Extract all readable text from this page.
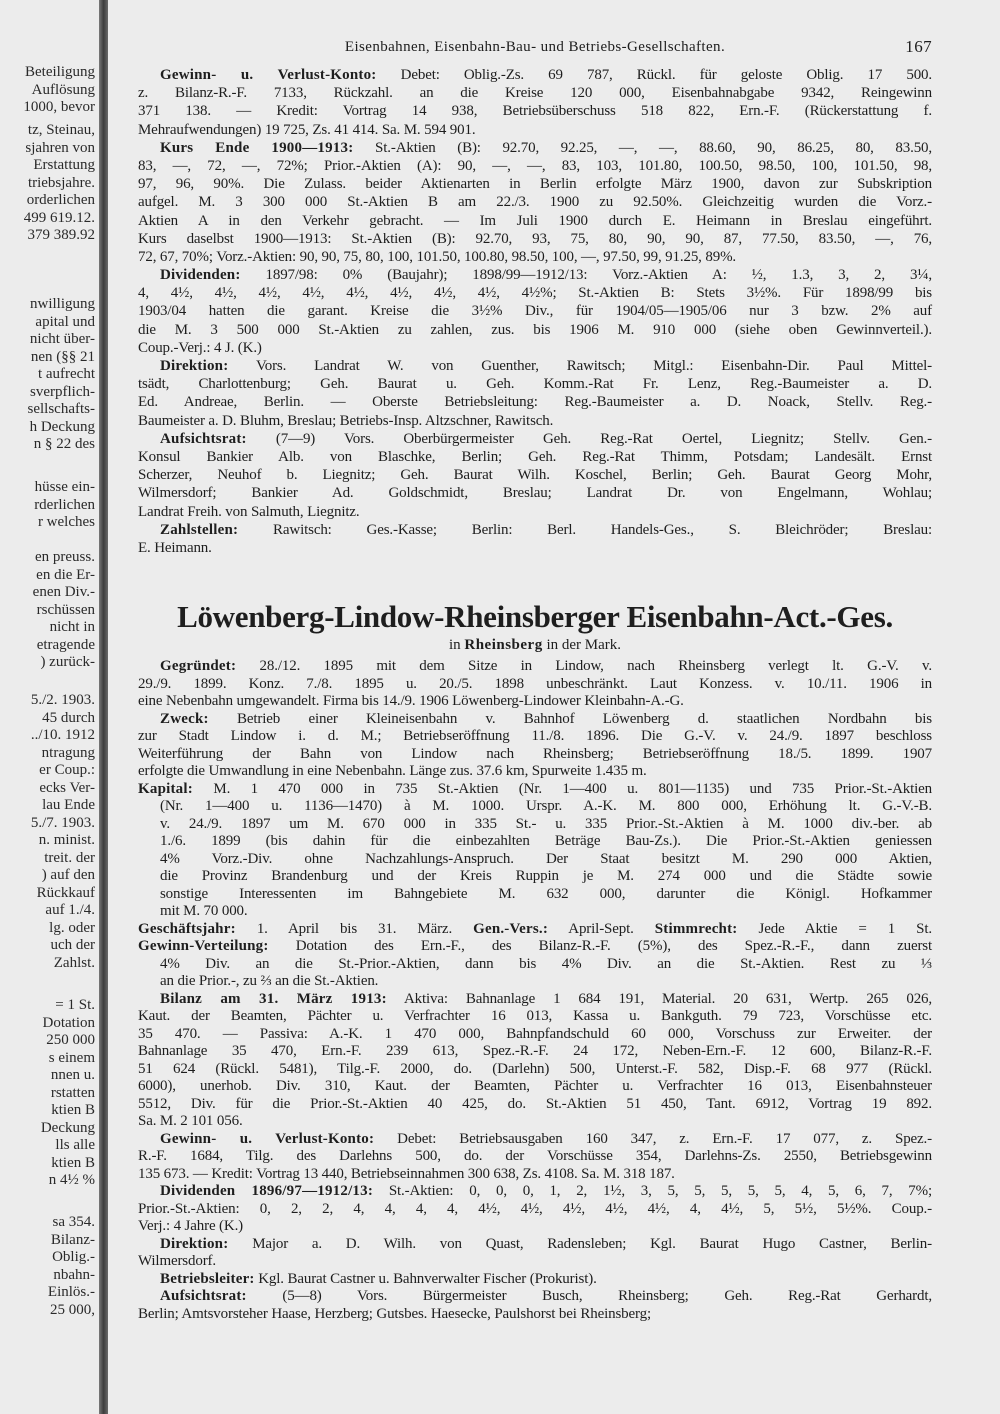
Beteiligung
Auflösung
1000, bevor
tz, Steinau,
sjahren von
Erstattung
triebsjahre.
orderlichen
499 619.12.
379 389.92
nwilligung
apital und
nicht über-
nen (§§ 21
t aufrecht
sverpflich-
sellschafts-
h Deckung
n § 22 des
hüsse ein-
rderlichen
r welches
en preuss.
en die Er-
enen Div.-
rschüssen
nicht in
etragende
) zurück-
5./2. 1903.
45 durch
../10. 1912
ntragung
er Coup.:
ecks Ver-
lau Ende
5./7. 1903.
n. minist.
treit. der
) auf den
Rückkauf
auf 1./4.
lg. oder
uch der
Zahlst.
= 1 St.
Dotation
250 000
s einem
nnen u.
rstatten
ktien B
Deckung
lls alle
ktien B
n 4½ %
sa 354.
Bilanz-
Oblig.-
nbahn-
Einlös.-
25 000,
Eisenbahnen, Eisenbahn-Bau- und Betriebs-Gesellschaften.	167
Gewinn- u. Verlust-Konto: Debet: Oblig.-Zs. 69 787, Rückl. für geloste Oblig. 17 500.
z. Bilanz-R.-F. 7133, Rückzahl. an die Kreise 120 000, Eisenbahnabgabe 9342, Reingewinn
371 138. — Kredit: Vortrag 14 938, Betriebsüberschuss 518 822, Ern.-F. (Rückerstattung f.
Mehraufwendungen) 19 725, Zs. 41 414. Sa. M. 594 901.
Kurs Ende 1900—1913: St.-Aktien (B): 92.70, 92.25, —, —, 88.60, 90, 86.25, 80, 83.50,
83, —, 72, —, 72%; Prior.-Aktien (A): 90, —, —, 83, 103, 101.80, 100.50, 98.50, 100, 101.50, 98,
97, 96, 90%. Die Zulass. beider Aktienarten in Berlin erfolgte März 1900, davon zur Subskription
aufgel. M. 3 300 000 St.-Aktien B am 22./3. 1900 zu 92.50%. Gleichzeitig wurden die Vorz.-
Aktien A in den Verkehr gebracht. — Im Juli 1900 durch E. Heimann in Breslau eingeführt.
Kurs daselbst 1900—1913: St.-Aktien (B): 92.70, 93, 75, 80, 90, 90, 87, 77.50, 83.50, —, 76,
72, 67, 70%; Vorz.-Aktien: 90, 90, 75, 80, 100, 101.50, 100.80, 98.50, 100, —, 97.50, 99, 91.25, 89%.
Dividenden: 1897/98: 0% (Baujahr); 1898/99—1912/13: Vorz.-Aktien A: ½, 1.3, 3, 2, 3¼,
4, 4½, 4½, 4½, 4½, 4½, 4½, 4½, 4½, 4½%; St.-Aktien B: Stets 3½%. Für 1898/99 bis
1903/04 hatten die garant. Kreise die 3½% Div., für 1904/05—1905/06 nur 3 bzw. 2% auf
die M. 3 500 000 St.-Aktien zu zahlen, zus. bis 1906 M. 910 000 (siehe oben Gewinnverteil.).
Coup.-Verj.: 4 J. (K.)
Direktion: Vors. Landrat W. von Guenther, Rawitsch; Mitgl.: Eisenbahn-Dir. Paul Mittel-
tsädt, Charlottenburg; Geh. Baurat u. Geh. Komm.-Rat Fr. Lenz, Reg.-Baumeister a. D.
Ed. Andreae, Berlin. — Oberste Betriebsleitung: Reg.-Baumeister a. D. Noack, Stellv. Reg.-
Baumeister a. D. Bluhm, Breslau; Betriebs-Insp. Altzschner, Rawitsch.
Aufsichtsrat: (7—9) Vors. Oberbürgermeister Geh. Reg.-Rat Oertel, Liegnitz; Stellv. Gen.-
Konsul Bankier Alb. von Blaschke, Berlin; Geh. Reg.-Rat Thimm, Potsdam; Landesält. Ernst
Scherzer, Neuhof b. Liegnitz; Geh. Baurat Wilh. Koschel, Berlin; Geh. Baurat Georg Mohr,
Wilmersdorf; Bankier Ad. Goldschmidt, Breslau; Landrat Dr. von Engelmann, Wohlau;
Landrat Freih. von Salmuth, Liegnitz.
Zahlstellen: Rawitsch: Ges.-Kasse; Berlin: Berl. Handels-Ges., S. Bleichröder; Breslau:
E. Heimann.
Löwenberg-Lindow-Rheinsberger Eisenbahn-Act.-Ges.
in Rheinsberg in der Mark.
Gegründet: 28./12. 1895 mit dem Sitze in Lindow, nach Rheinsberg verlegt lt. G.-V. v.
29./9. 1899. Konz. 7./8. 1895 u. 20./5. 1898 unbeschränkt. Laut Konzess. v. 10./11. 1906 in
eine Nebenbahn umgewandelt. Firma bis 14./9. 1906 Löwenberg-Lindower Kleinbahn-A.-G.
Zweck: Betrieb einer Kleineisenbahn v. Bahnhof Löwenberg d. staatlichen Nordbahn bis
zur Stadt Lindow i. d. M.; Betriebseröffnung 11./8. 1896. Die G.-V. v. 24./9. 1897 beschloss
Weiterführung der Bahn von Lindow nach Rheinsberg; Betriebseröffnung 18./5. 1899. 1907
erfolgte die Umwandlung in eine Nebenbahn. Länge zus. 37.6 km, Spurweite 1.435 m.
Kapital: M. 1 470 000 in 735 St.-Aktien (Nr. 1—400 u. 801—1135) und 735 Prior.-St.-Aktien
(Nr. 1—400 u. 1136—1470) à M. 1000. Urspr. A.-K. M. 800 000, Erhöhung lt. G.-V.-B.
v. 24./9. 1897 um M. 670 000 in 335 St.- u. 335 Prior.-St.-Aktien à M. 1000 div.-ber. ab
1./6. 1899 (bis dahin für die einbezahlten Beträge Bau-Zs.). Die Prior.-St.-Aktien geniessen
4% Vorz.-Div. ohne Nachzahlungs-Anspruch. Der Staat besitzt M. 290 000 Aktien,
die Provinz Brandenburg und der Kreis Ruppin je M. 274 000 und die Städte sowie
sonstige Interessenten im Bahngebiete M. 632 000, darunter die Königl. Hofkammer
mit M. 70 000.
Geschäftsjahr: 1. April bis 31. März. Gen.-Vers.: April-Sept. Stimmrecht: Jede Aktie = 1 St.
Gewinn-Verteilung: Dotation des Ern.-F., des Bilanz-R.-F. (5%), des Spez.-R.-F., dann zuerst
4% Div. an die St.-Prior.-Aktien, dann bis 4% Div. an die St.-Aktien. Rest zu ⅓
an die Prior.-, zu ⅔ an die St.-Aktien.
Bilanz am 31. März 1913: Aktiva: Bahnanlage 1 684 191, Material. 20 631, Wertp. 265 026,
Kaut. der Beamten, Pächter u. Verfrachter 16 013, Kassa u. Bankguth. 79 723, Vorschüsse etc.
35 470. — Passiva: A.-K. 1 470 000, Bahnpfandschuld 60 000, Vorschuss zur Erweiter. der
Bahnanlage 35 470, Ern.-F. 239 613, Spez.-R.-F. 24 172, Neben-Ern.-F. 12 600, Bilanz-R.-F.
51 624 (Rückl. 5481), Tilg.-F. 2000, do. (Darlehn) 500, Unterst.-F. 582, Disp.-F. 68 977 (Rückl.
6000), unerhob. Div. 310, Kaut. der Beamten, Pächter u. Verfrachter 16 013, Eisenbahnsteuer
5512, Div. für die Prior.-St.-Aktien 40 425, do. St.-Aktien 51 450, Tant. 6912, Vortrag 19 892.
Sa. M. 2 101 056.
Gewinn- u. Verlust-Konto: Debet: Betriebsausgaben 160 347, z. Ern.-F. 17 077, z. Spez.-
R.-F. 1684, Tilg. des Darlehns 500, do. der Vorschüsse 354, Darlehns-Zs. 2550, Betriebsgewinn
135 673. — Kredit: Vortrag 13 440, Betriebseinnahmen 300 638, Zs. 4108. Sa. M. 318 187.
Dividenden 1896/97—1912/13: St.-Aktien: 0, 0, 0, 1, 2, 1½, 3, 5, 5, 5, 5, 5, 4, 5, 6, 7, 7%;
Prior.-St.-Aktien: 0, 2, 2, 4, 4, 4, 4, 4½, 4½, 4½, 4½, 4½, 4, 4½, 5, 5½, 5½%. Coup.-
Verj.: 4 Jahre (K.)
Direktion: Major a. D. Wilh. von Quast, Radensleben; Kgl. Baurat Hugo Castner, Berlin-
Wilmersdorf.
Betriebsleiter: Kgl. Baurat Castner u. Bahnverwalter Fischer (Prokurist).
Aufsichtsrat: (5—8) Vors. Bürgermeister Busch, Rheinsberg; Geh. Reg.-Rat Gerhardt,
Berlin; Amtsvorsteher Haase, Herzberg; Gutsbes. Haesecke, Paulshorst bei Rheinsberg;
